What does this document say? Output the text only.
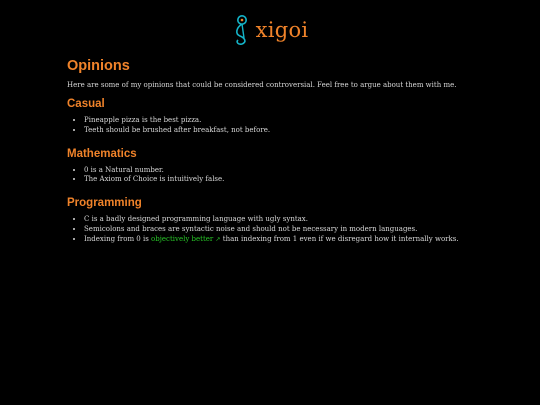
xigoi
Opinions

Here are some of my opinions that could be considered controversial. Feel free to argue about them with me.

Casual
• Pineapple pizza is the best pizza.
• Teeth should be brushed after breakfast, not before.
Mathematics
• 0 is a Natural number.
• The Axiom of Choice is intuitively false.
Programming
• C is a badly designed programming language with ugly syntax.
• Semicolons and braces are syntactic noise and should not be necessary in modern languages.
• Indexing from 0 is objectively better ↗ than indexing from 1 even if we disregard how it internally works.
